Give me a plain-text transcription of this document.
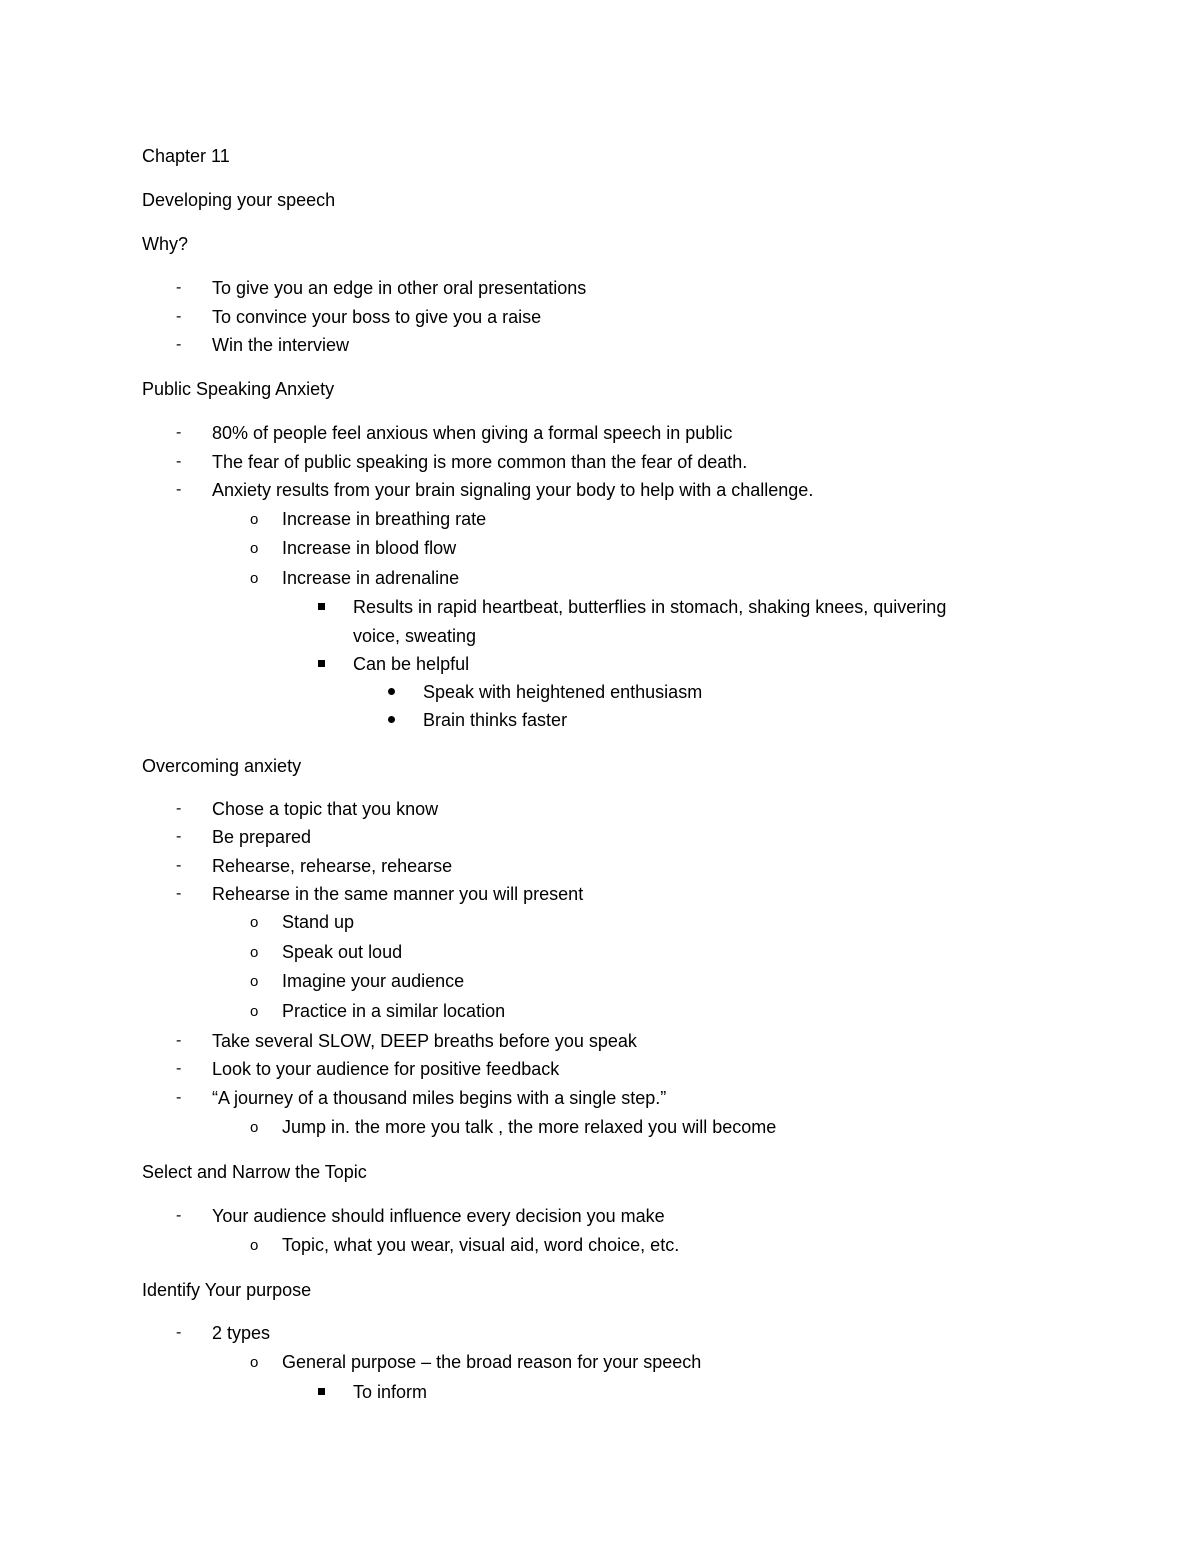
Chapter 11
Developing your speech
Why?
- To give you an edge in other oral presentations
- To convince your boss to give you a raise
- Win the interview
Public Speaking Anxiety
- 80% of people feel anxious when giving a formal speech in public
- The fear of public speaking is more common than the fear of death.
- Anxiety results from your brain signaling your body to help with a challenge.
o Increase in breathing rate
o Increase in blood flow
o Increase in adrenaline
Results in rapid heartbeat, butterflies in stomach, shaking knees, quivering
voice, sweating
Can be helpful
Speak with heightened enthusiasm
Brain thinks faster
Overcoming anxiety
- Chose a topic that you know
- Be prepared
- Rehearse, rehearse, rehearse
- Rehearse in the same manner you will present
o Stand up
o Speak out loud
o Imagine your audience
o Practice in a similar location
- Take several SLOW, DEEP breaths before you speak
- Look to your audience for positive feedback
- “A journey of a thousand miles begins with a single step.”
o Jump in. the more you talk , the more relaxed you will become
Select and Narrow the Topic
- Your audience should influence every decision you make
o Topic, what you wear, visual aid, word choice, etc.
Identify Your purpose
- 2 types
o General purpose – the broad reason for your speech
To inform
